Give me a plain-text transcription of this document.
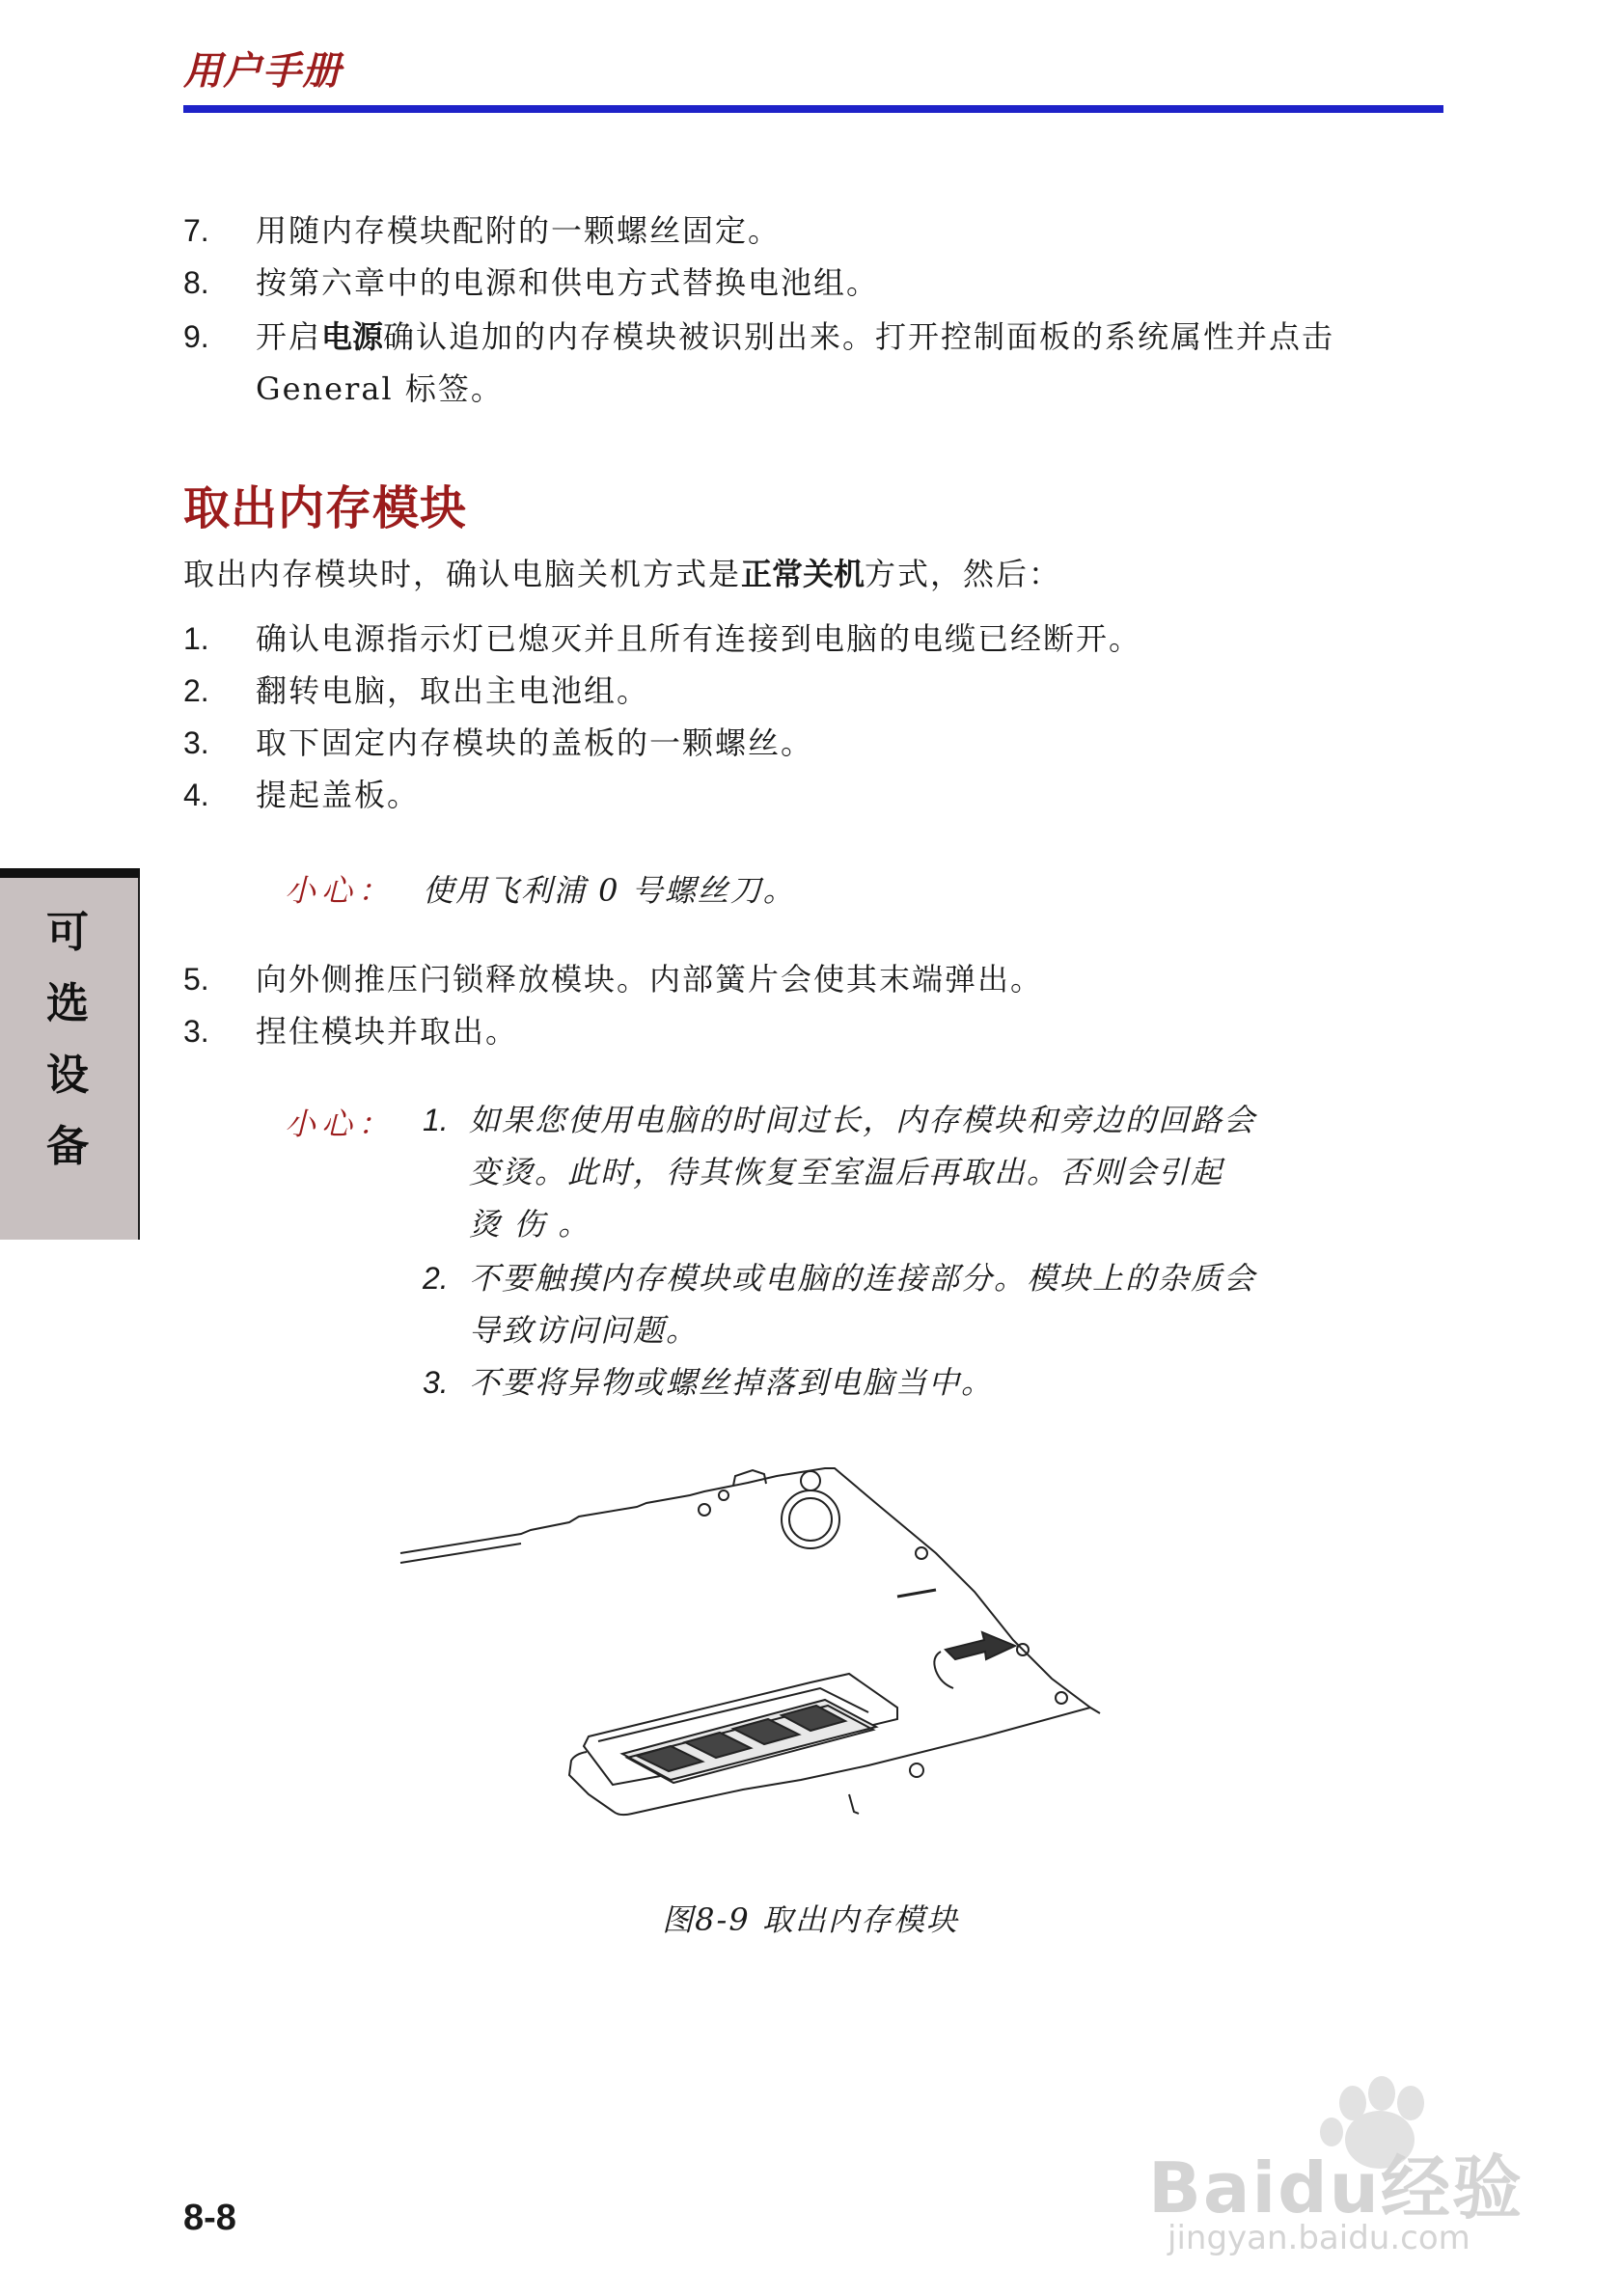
用户手册
7. 用随内存模块配附的一颗螺丝固定。
8. 按第六章中的电源和供电方式替换电池组。
9. 开启电源确认追加的内存模块被识别出来。打开控制面板的系统属性并点击
General 标签。
取出内存模块
取出内存模块时，确认电脑关机方式是正常关机方式，然后：
1. 确认电源指示灯已熄灭并且所有连接到电脑的电缆已经断开。
2. 翻转电脑，取出主电池组。
3. 取下固定内存模块的盖板的一颗螺丝。
4. 提起盖板。
小心： 使用飞利浦 0 号螺丝刀。
5. 向外侧推压闩锁释放模块。内部簧片会使其末端弹出。
3. 捏住模块并取出。
小心： 1. 如果您使用电脑的时间过长，内存模块和旁边的回路会
变烫。此时，待其恢复至室温后再取出。否则会引起
烫 伤 。
2. 不要触摸内存模块或电脑的连接部分。模块上的杂质会
导致访问问题。
3. 不要将异物或螺丝掉落到电脑当中。
可
选
设
备
图8-9 取出内存模块
8-8	Baidu经验
jingyan.baidu.com
